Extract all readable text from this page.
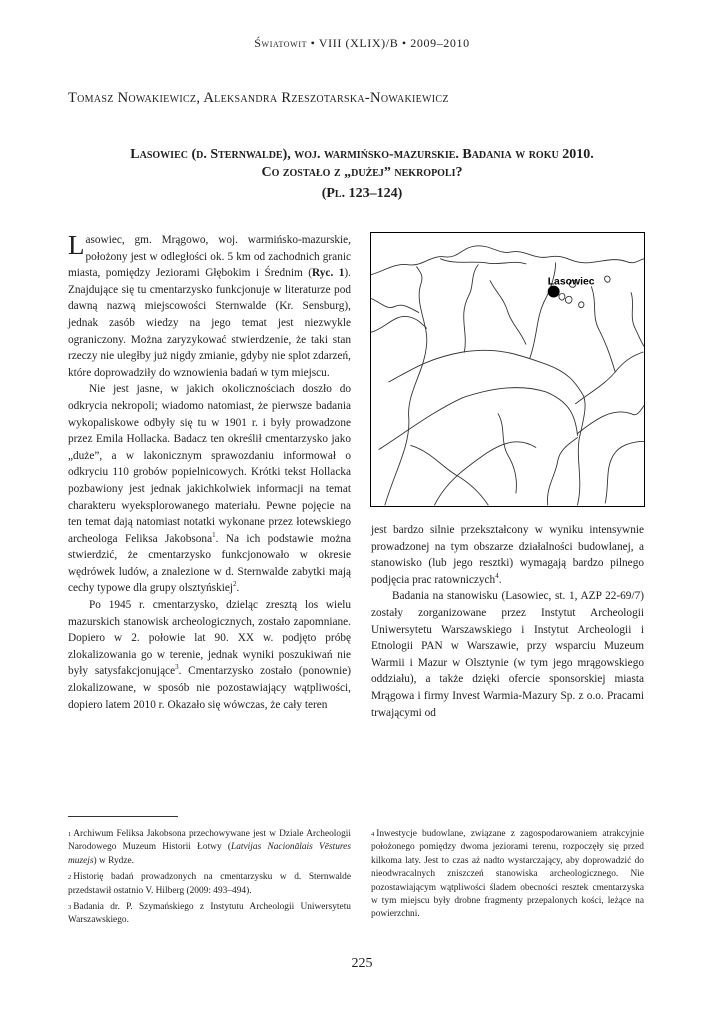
Światowit • VIII (XLIX)/B • 2009–2010
Tomasz Nowakiewicz, Aleksandra Rzeszotarska-Nowakiewicz
Lasowiec (d. Sternwalde), woj. warmińsko-mazurskie. Badania w roku 2010.
Co zostało z „dużej” nekropoli?
(Pl. 123–124)

Lasowiec, gm. Mrągowo, woj. warmińsko-mazurskie, położony jest w odległości ok. 5 km od zachodnich granic miasta, pomiędzy Jeziorami Głębokim i Średnim (Ryc. 1). Znajdujące się tu cmentarzysko funkcjonuje w literaturze pod dawną nazwą miejscowości Sternwalde (Kr. Sensburg), jednak zasób wiedzy na jego temat jest niezwykle ograniczony. Można zaryzykować stwierdzenie, że taki stan rzeczy nie uległby już nigdy zmianie, gdyby nie splot zdarzeń, które doprowadziły do wznowienia badań w tym miejscu.

Nie jest jasne, w jakich okolicznościach doszło do odkrycia nekropoli; wiadomo natomiast, że pierwsze badania wykopaliskowe odbyły się tu w 1901 r. i były prowadzone przez Emila Hollacka. Badacz ten określił cmentarzysko jako „duże”, a w lakonicznym sprawozdaniu informował o odkryciu 110 grobów popielnicowych. Krótki tekst Hollacka pozbawiony jest jednak jakichkolwiek informacji na temat charakteru wyeksplorowanego materiału. Pewne pojęcie na ten temat dają natomiast notatki wykonane przez łotewskiego archeologa Feliksa Jakobsona$^1$. Na ich podstawie można stwierdzić, że cmentarzysko funkcjonowało w okresie wędrówek ludów, a znalezione w d. Sternwalde zabytki mają cechy typowe dla grupy olsztyńskiej$^2$.

Po 1945 r. cmentarzysko, dzieląc zresztą los wielu mazurskich stanowisk archeologicznych, zostało zapomniane. Dopiero w 2. połowie lat 90. XX w. podjęto próbę zlokalizowania go w terenie, jednak wyniki poszukiwań nie były satysfakcjonujące$^3$. Cmentarzysko zostało (ponownie) zlokalizowane, w sposób nie pozostawiający wątpliwości, dopiero latem 2010 r. Okazało się wówczas, że cały teren

Lasowiec

jest bardzo silnie przekształcony w wyniku intensywnie prowadzonej na tym obszarze działalności budowlanej, a stanowisko (lub jego resztki) wymagają bardzo pilnego podjęcia prac ratowniczych$^4$.

Badania na stanowisku (Lasowiec, st. 1, AZP 22-69/7) zostały zorganizowane przez Instytut Archeologii Uniwersytetu Warszawskiego i Instytut Archeologii i Etnologii PAN w Warszawie, przy wsparciu Muzeum Warmii i Mazur w Olsztynie (w tym jego mrągowskiego oddziału), a także dzięki ofercie sponsorskiej miasta Mrągowa i firmy Invest Warmia-Mazury Sp. z o.o. Pracami trwającymi od

$^1$ Archiwum Feliksa Jakobsona przechowywane jest w Dziale Archeologii Narodowego Muzeum Historii Łotwy (Latvijas Nacionālais Vēstures muzejs) w Rydze.

$^2$ Historię badań prowadzonych na cmentarzysku w d. Sternwalde przedstawił ostatnio V. Hilberg (2009: 493–494).

$^3$ Badania dr. P. Szymańskiego z Instytutu Archeologii Uniwersytetu Warszawskiego.

$^4$ Inwestycje budowlane, związane z zagospodarowaniem atrakcyjnie położonego pomiędzy dwoma jeziorami terenu, rozpoczęły się przed kilkoma laty. Jest to czas aż nadto wystarczający, aby doprowadzić do nieodwracalnych zniszczeń stanowiska archeologicznego. Nie pozostawiającym wątpliwości śladem obecności resztek cmentarzyska w tym miejscu były drobne fragmenty przepalonych kości, leżące na powierzchni.

225
